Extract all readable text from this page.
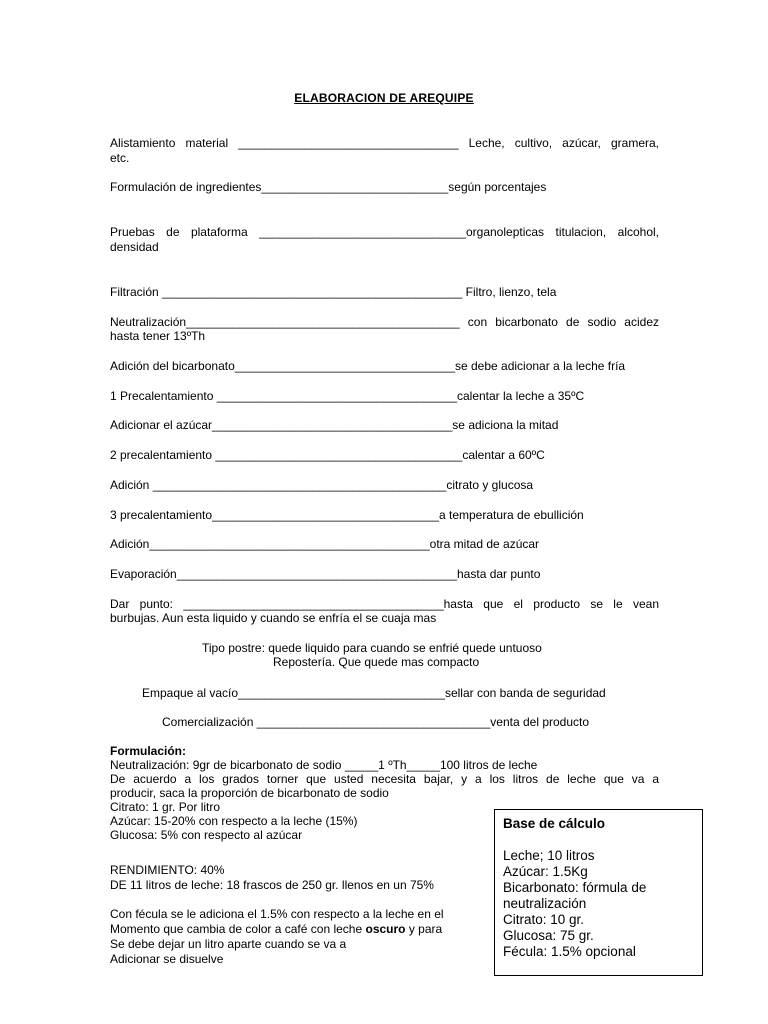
ELABORACION DE AREQUIPE
Alistamiento material _________________________________ Leche, cultivo, azúcar, gramera,
etc.
Formulación de ingredientes____________________________según porcentajes
Pruebas de plataforma _______________________________organolepticas titulacion, alcohol,
densidad
Filtración _____________________________________________ Filtro, lienzo, tela
Neutralización_________________________________________ con bicarbonato de sodio acidez
hasta tener 13ºTh
Adición del bicarbonato_________________________________se debe adicionar a la leche fría
1 Precalentamiento ____________________________________calentar la leche a 35ºC
Adicionar el azúcar____________________________________se adiciona la mitad
2 precalentamiento _____________________________________calentar a 60ºC
Adición ____________________________________________citrato y glucosa
3 precalentamiento__________________________________a temperatura de ebullición
Adición__________________________________________otra mitad de azúcar
Evaporación__________________________________________hasta dar punto
Dar punto: _______________________________________hasta que el producto se le vean
burbujas. Aun esta liquido y cuando se enfría el se cuaja mas
Tipo postre: quede liquido para cuando se enfrié quede untuoso
Repostería. Que quede mas compacto
Empaque al vacío_______________________________sellar con banda de seguridad
Comercialización ___________________________________venta del producto
Formulación:
Neutralización: 9gr de bicarbonato de sodio _____1 ºTh_____100 litros de leche
De acuerdo a los grados torner que usted necesita bajar, y a los litros de leche que va a
producir, saca la proporción de bicarbonato de sodio
Citrato: 1 gr. Por litro
Azúcar: 15-20% con respecto a la leche (15%)
Glucosa: 5% con respecto al azúcar
RENDIMIENTO: 40%
DE 11 litros de leche: 18 frascos de 250 gr. llenos en un 75%
Con fécula se le adiciona el 1.5% con respecto a la leche en el
Momento que cambia de color a café con leche oscuro y para
Se debe dejar un litro aparte cuando se va a
Adicionar se disuelve
Base de cálculo
Leche; 10 litros
Azúcar: 1.5Kg
Bicarbonato: fórmula de
neutralización
Citrato: 10 gr.
Glucosa: 75 gr.
Fécula: 1.5% opcional
